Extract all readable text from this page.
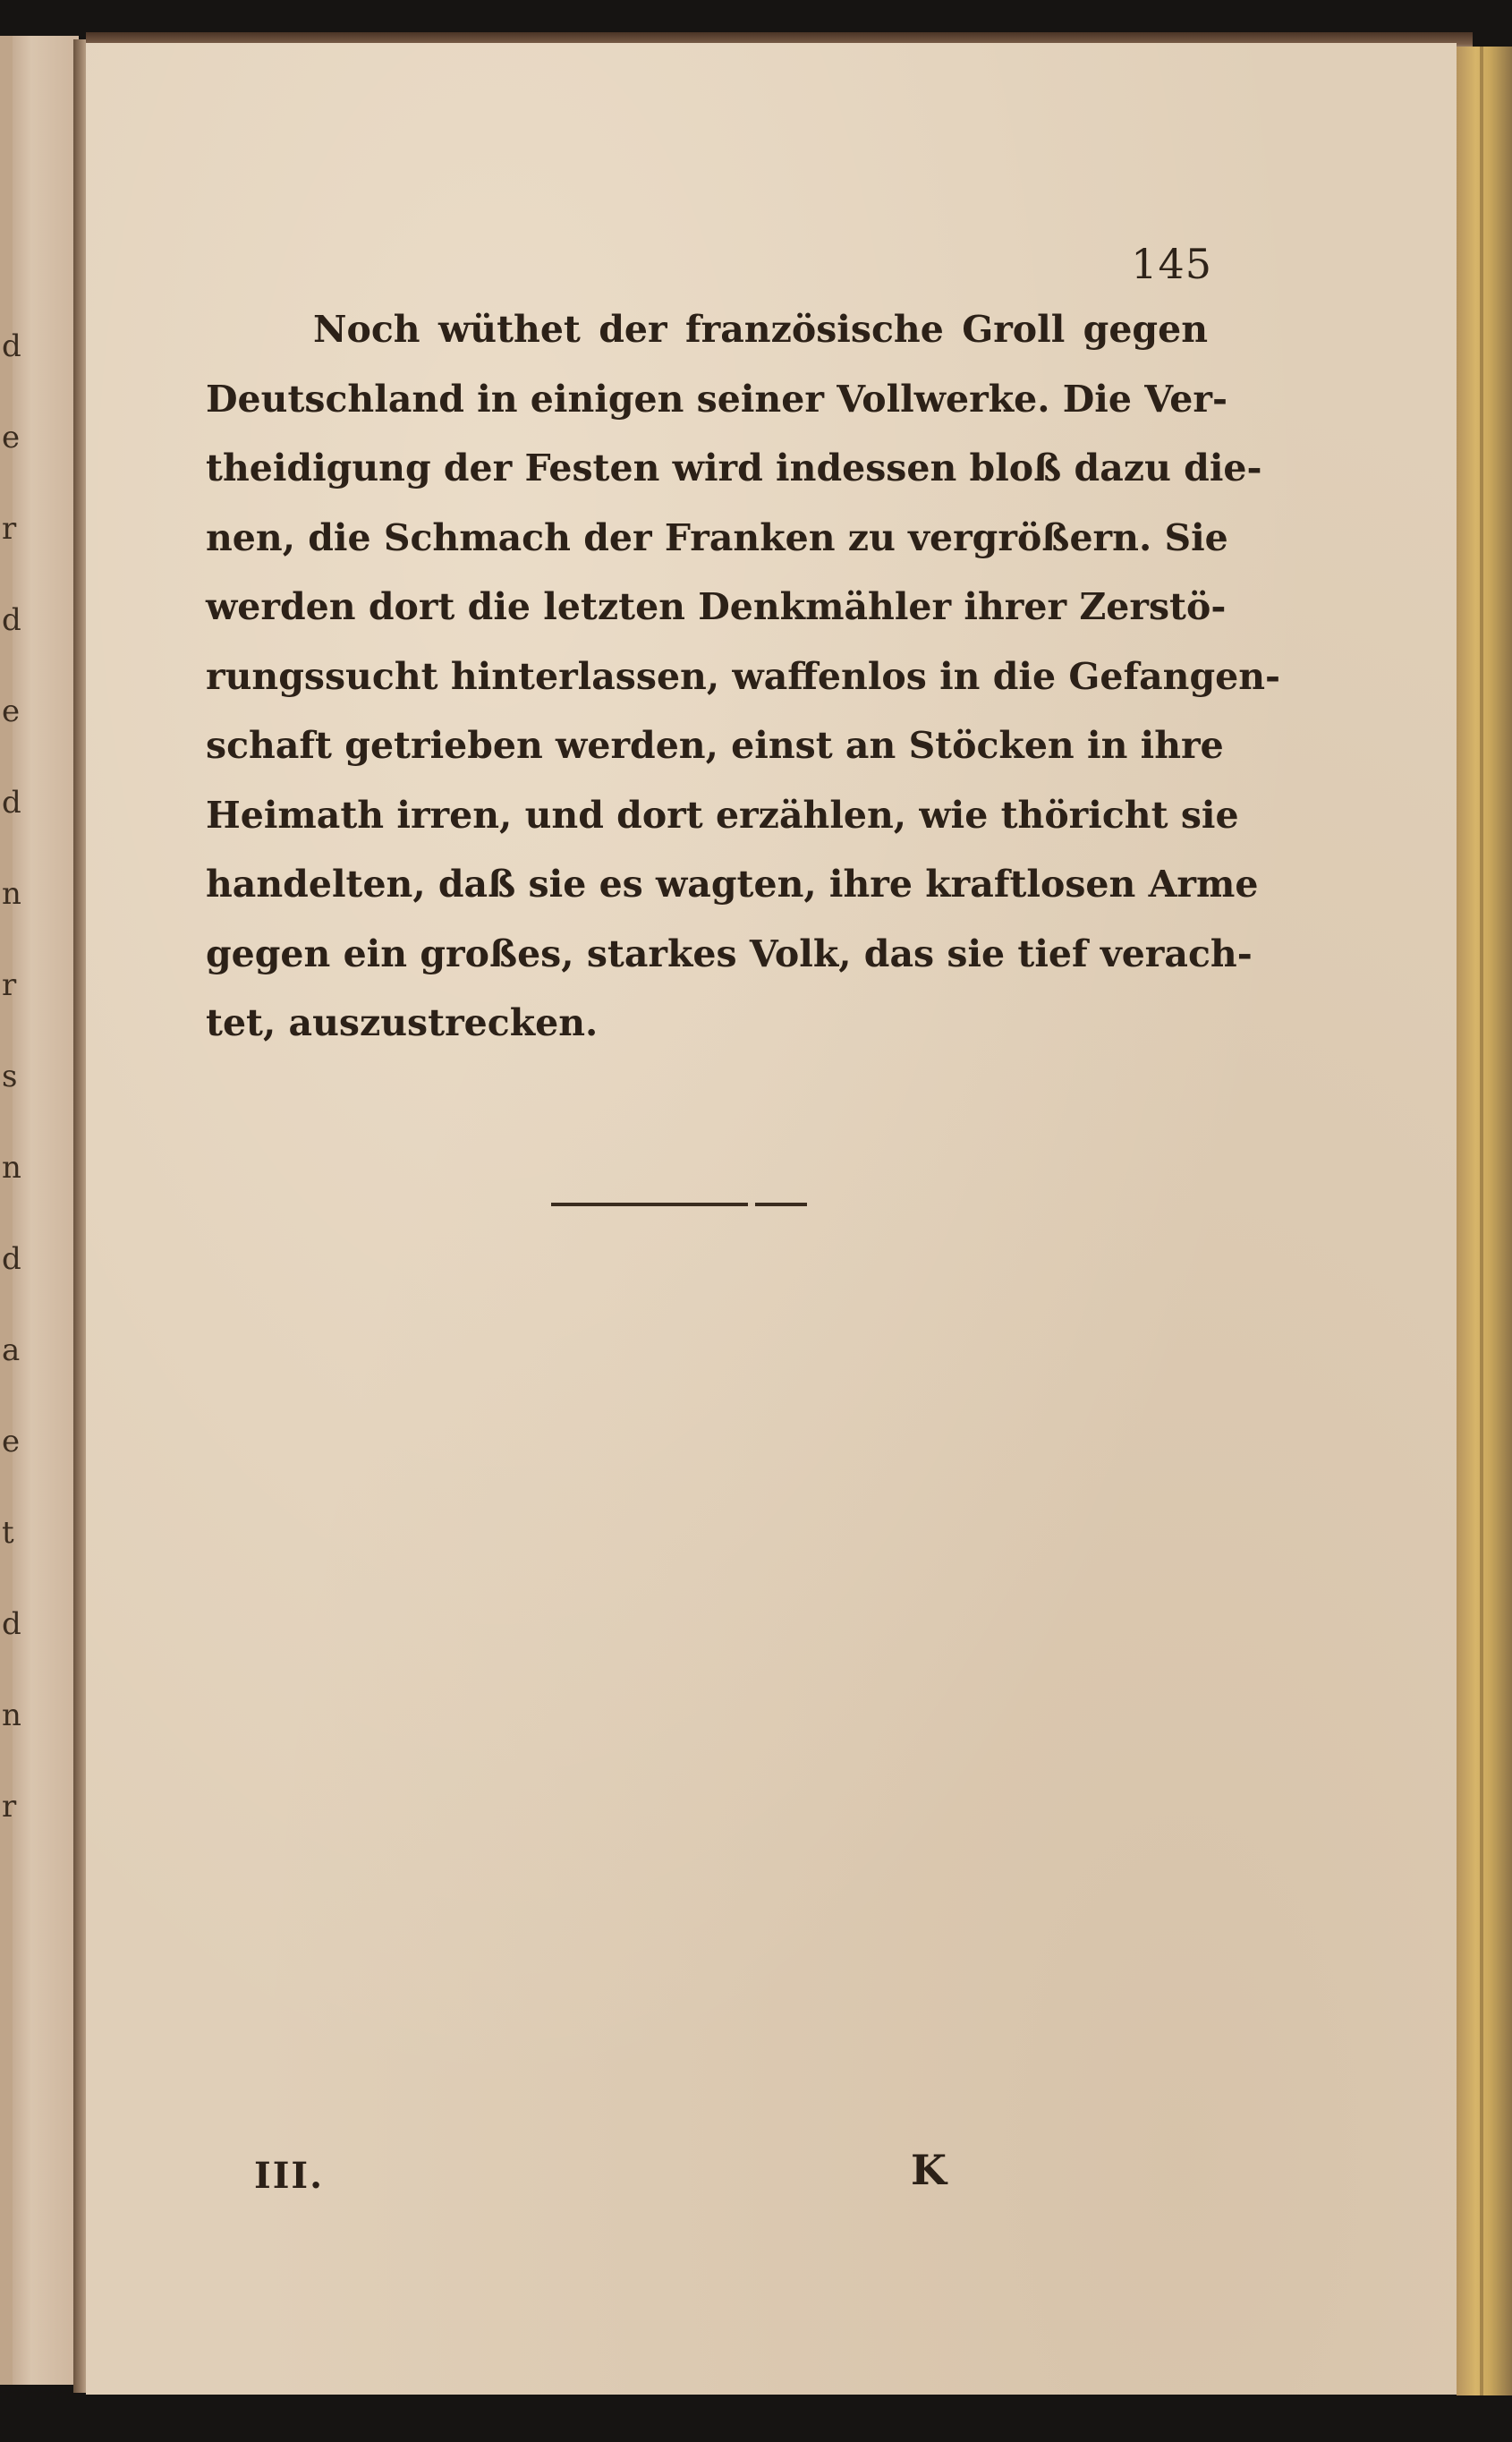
d
e
r
d
e
d
n
r
s
n
d
a
e
t
d
n
r
145
Noch wüthet der französische Groll gegen
Deutschland in einigen seiner Vollwerke. Die Ver-
theidigung der Festen wird indessen bloß dazu die-
nen, die Schmach der Franken zu vergrößern. Sie
werden dort die letzten Denkmähler ihrer Zerstö-
rungssucht hinterlassen, waffenlos in die Gefangen-
schaft getrieben werden, einst an Stöcken in ihre
Heimath irren, und dort erzählen, wie thöricht sie
handelten, daß sie es wagten, ihre kraftlosen Arme
gegen ein großes, starkes Volk, das sie tief verach-
tet, auszustrecken.
III.	K
